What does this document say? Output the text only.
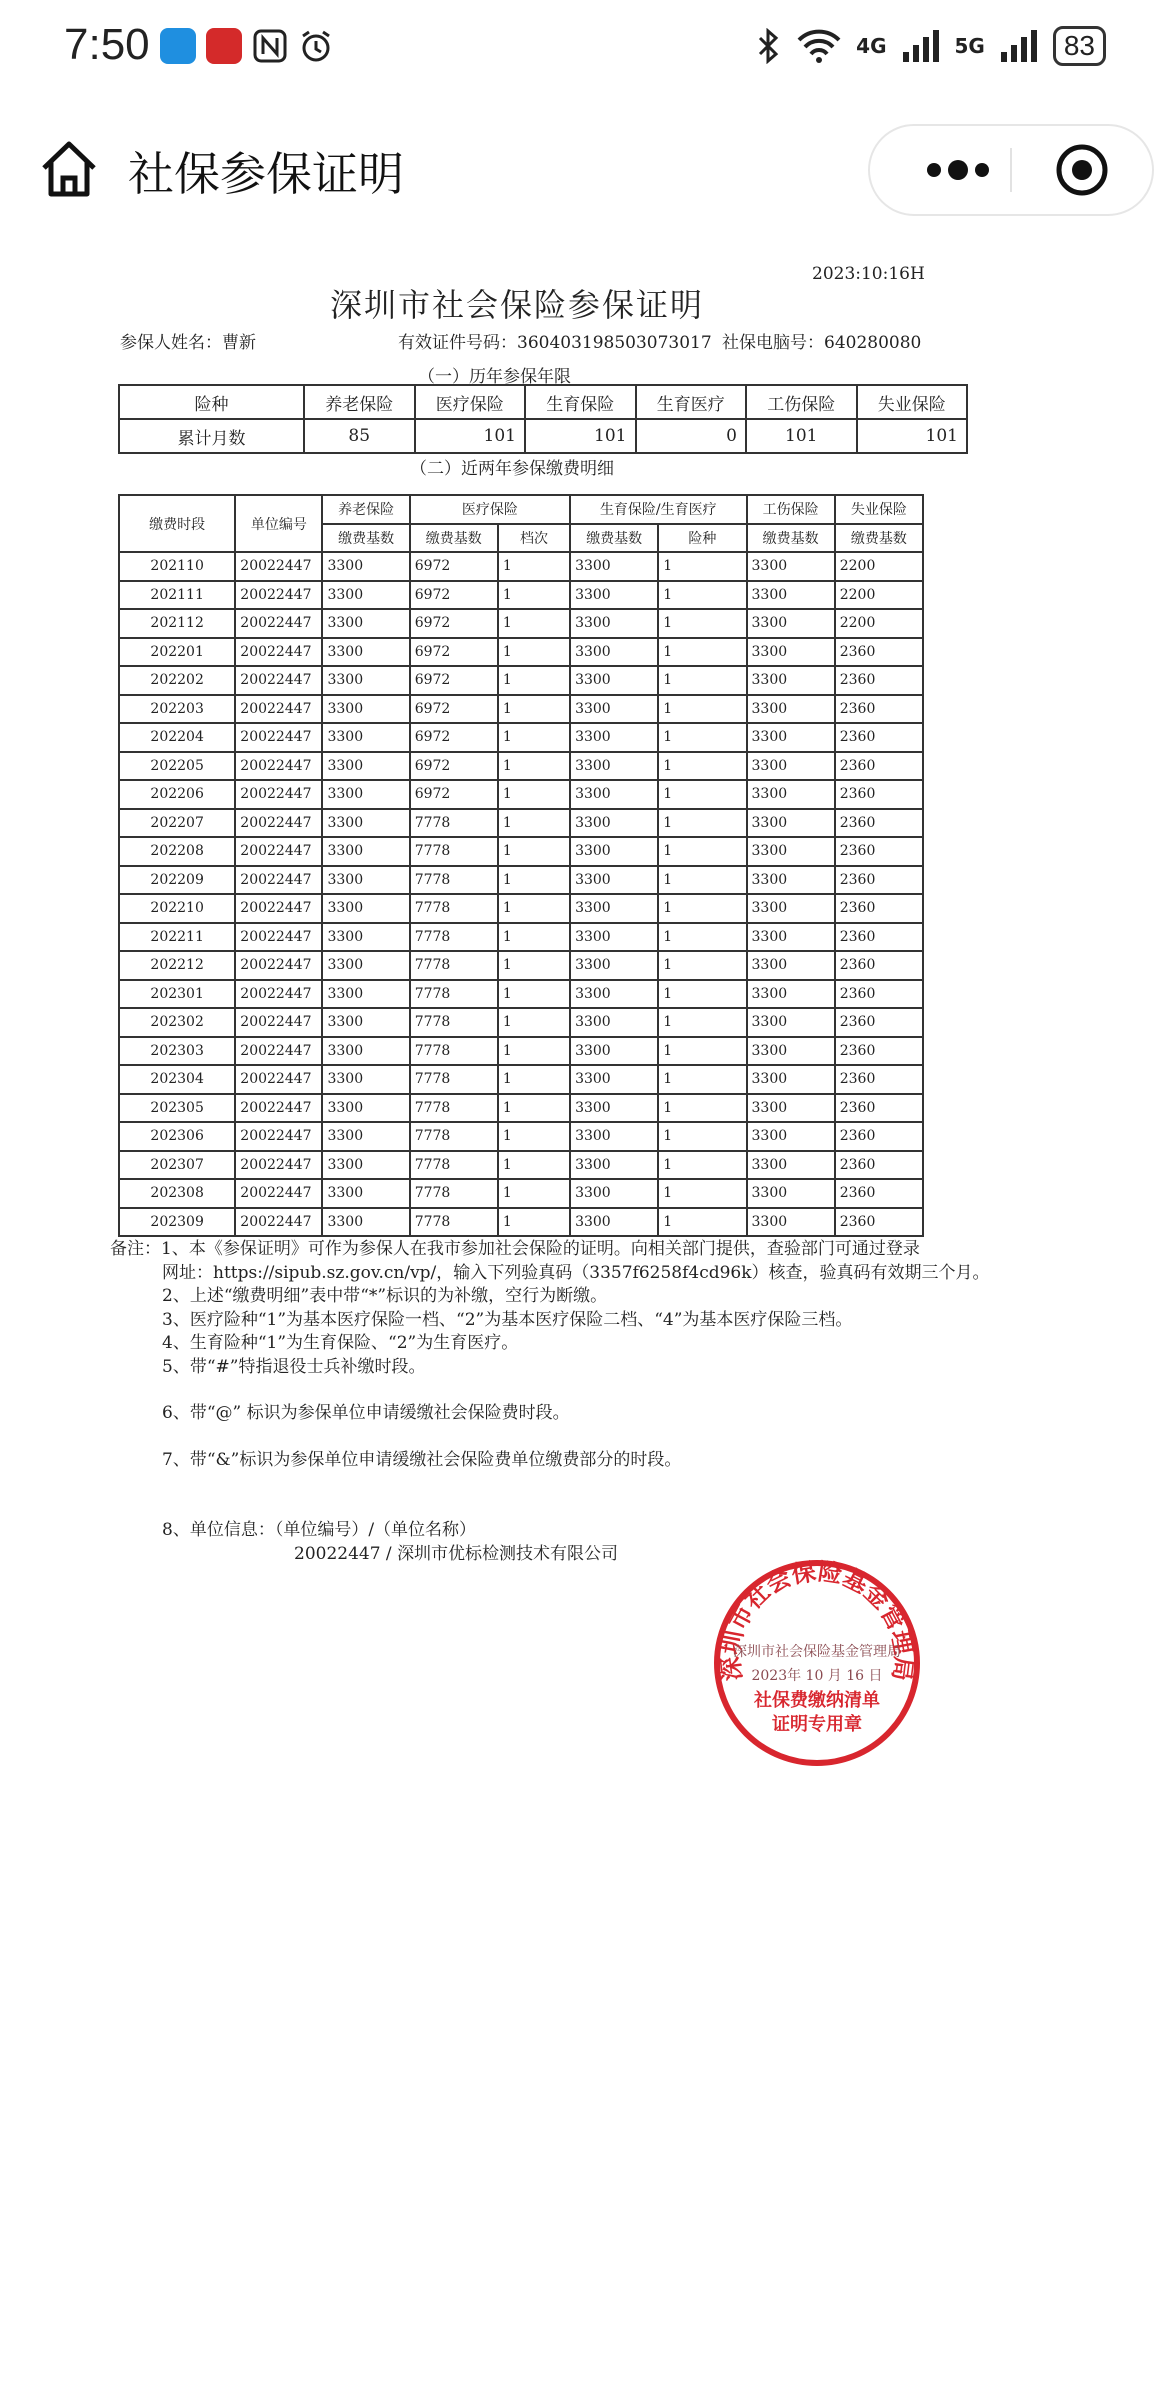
7:50	4G	5G	83
社保参保证明
2023:10:16H
深圳市社会保险参保证明
参保人姓名：曹新	有效证件号码：360403198503073017 社保电脑号：640280080
（一）历年参保年限
险种	养老保险	医疗保险	生育保险	生育医疗	工伤保险	失业保险
累计月数	85	101	101	0	101	101
（二）近两年参保缴费明细
缴费时段	单位编号	养老保险	医疗保险		生育保险/生育医疗		工伤保险	失业保险
		缴费基数	缴费基数	档次	缴费基数	险种	缴费基数	缴费基数
202110	20022447	3300	6972	1	3300	1	3300	2200
202111	20022447	3300	6972	1	3300	1	3300	2200
202112	20022447	3300	6972	1	3300	1	3300	2200
202201	20022447	3300	6972	1	3300	1	3300	2360
202202	20022447	3300	6972	1	3300	1	3300	2360
202203	20022447	3300	6972	1	3300	1	3300	2360
202204	20022447	3300	6972	1	3300	1	3300	2360
202205	20022447	3300	6972	1	3300	1	3300	2360
202206	20022447	3300	6972	1	3300	1	3300	2360
202207	20022447	3300	7778	1	3300	1	3300	2360
202208	20022447	3300	7778	1	3300	1	3300	2360
202209	20022447	3300	7778	1	3300	1	3300	2360
202210	20022447	3300	7778	1	3300	1	3300	2360
202211	20022447	3300	7778	1	3300	1	3300	2360
202212	20022447	3300	7778	1	3300	1	3300	2360
202301	20022447	3300	7778	1	3300	1	3300	2360
202302	20022447	3300	7778	1	3300	1	3300	2360
202303	20022447	3300	7778	1	3300	1	3300	2360
202304	20022447	3300	7778	1	3300	1	3300	2360
202305	20022447	3300	7778	1	3300	1	3300	2360
202306	20022447	3300	7778	1	3300	1	3300	2360
202307	20022447	3300	7778	1	3300	1	3300	2360
202308	20022447	3300	7778	1	3300	1	3300	2360
202309	20022447	3300	7778	1	3300	1	3300	2360
备注：1、本《参保证明》可作为参保人在我市参加社会保险的证明。向相关部门提供，查验部门可通过登录
网址：https://sipub.sz.gov.cn/vp/，输入下列验真码（3357f6258f4cd96k）核查，验真码有效期三个月。
2、上述“缴费明细”表中带“*”标识的为补缴，空行为断缴。
3、医疗险种“1”为基本医疗保险一档、“2”为基本医疗保险二档、“4”为基本医疗保险三档。
4、生育险种“1”为生育保险、“2”为生育医疗。
5、带“#”特指退役士兵补缴时段。
6、带“@” 标识为参保单位申请缓缴社会保险费时段。
7、带“&”标识为参保单位申请缓缴社会保险费单位缴费部分的时段。
8、单位信息：（单位编号）/（单位名称）
20022447 / 深圳市优标检测技术有限公司
深圳市社会保险基金管理局
深圳市社会保险基金管理局
2023年 10 月 16 日
社保费缴纳清单
证明专用章
